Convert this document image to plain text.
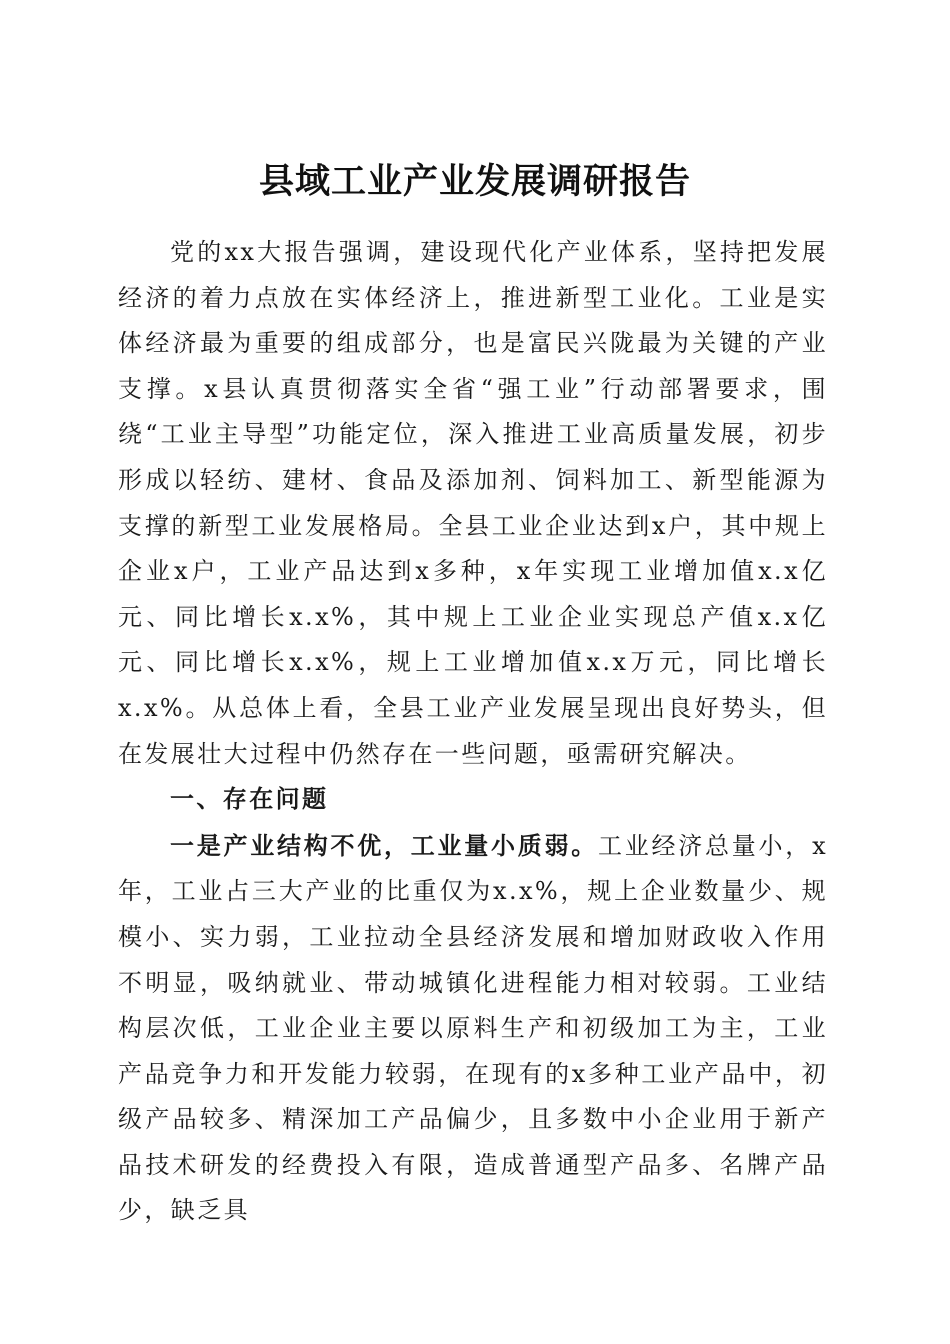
县域工业产业发展调研报告

党的xx大报告强调，建设现代化产业体系，坚持把发展经济的着力点放在实体经济上，推进新型工业化。工业是实体经济最为重要的组成部分，也是富民兴陇最为关键的产业支撑。x县认真贯彻落实全省“强工业”行动部署要求，围绕“工业主导型”功能定位，深入推进工业高质量发展，初步形成以轻纺、建材、食品及添加剂、饲料加工、新型能源为支撑的新型工业发展格局。全县工业企业达到x户，其中规上企业x户，工业产品达到x多种，x年实现工业增加值x.x亿元、同比增长x.x%，其中规上工业企业实现总产值x.x亿元、同比增长x.x%，规上工业增加值x.x万元，同比增长x.x%。从总体上看，全县工业产业发展呈现出良好势头，但在发展壮大过程中仍然存在一些问题，亟需研究解决。

一、存在问题

一是产业结构不优，工业量小质弱。工业经济总量小，x年，工业占三大产业的比重仅为x.x%，规上企业数量少、规模小、实力弱，工业拉动全县经济发展和增加财政收入作用不明显，吸纳就业、带动城镇化进程能力相对较弱。工业结构层次低，工业企业主要以原料生产和初级加工为主，工业产品竞争力和开发能力较弱，在现有的x多种工业产品中，初级产品较多、精深加工产品偏少，且多数中小企业用于新产品技术研发的经费投入有限，造成普通型产品多、名牌产品少，缺乏具
